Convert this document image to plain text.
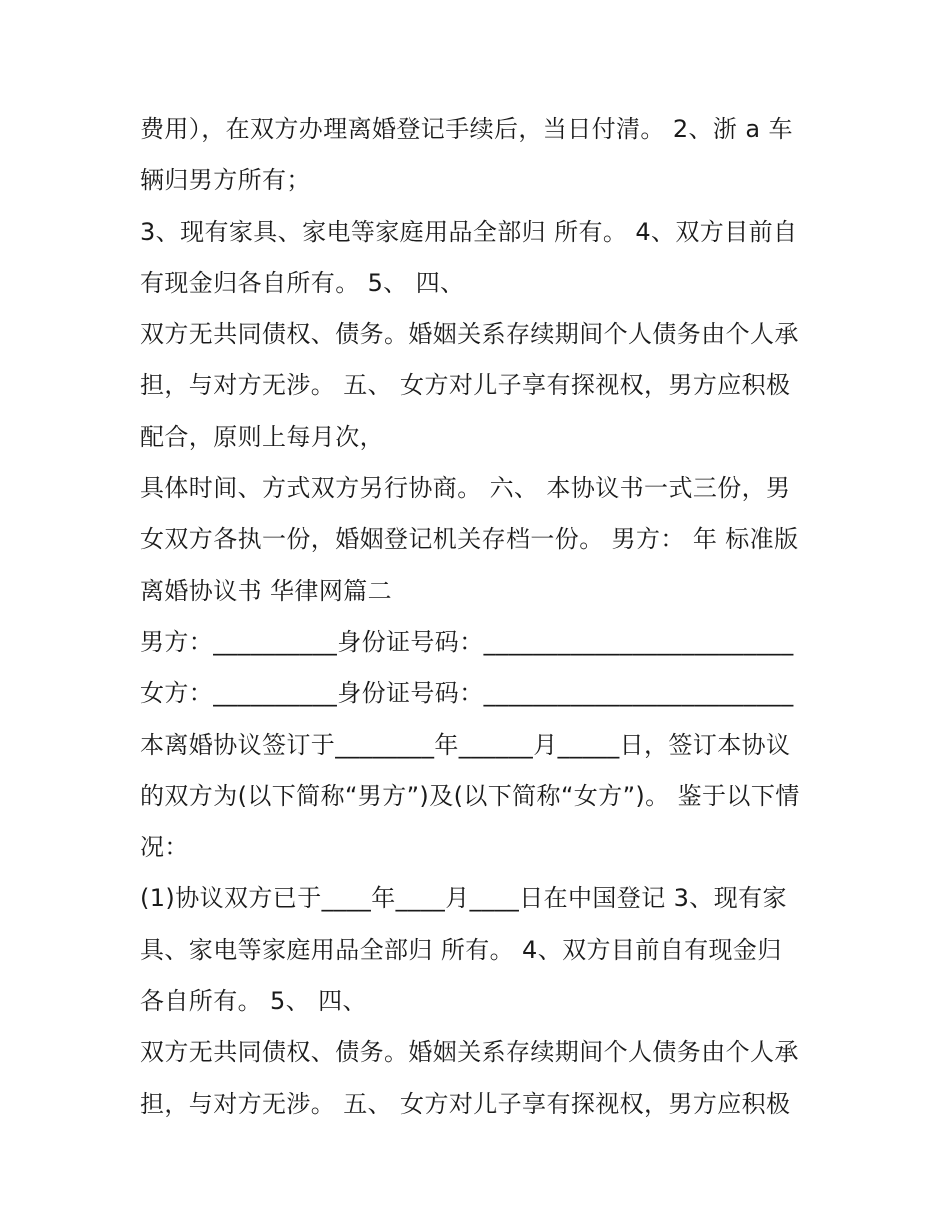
费用），在双方办理离婚登记手续后，当日付清。 2、浙 a 车
辆归男方所有；
3、现有家具、家电等家庭用品全部归 所有。 4、双方目前自
有现金归各自所有。 5、 四、
双方无共同债权、债务。婚姻关系存续期间个人债务由个人承
担，与对方无涉。 五、 女方对儿子享有探视权，男方应积极
配合，原则上每月次，
具体时间、方式双方另行协商。 六、 本协议书一式三份，男
女双方各执一份，婚姻登记机关存档一份。 男方： 年 标准版
离婚协议书 华律网篇二
男方：__________身份证号码：_________________________
女方：__________身份证号码：_________________________
本离婚协议签订于________年______月_____日，签订本协议
的双方为(以下简称“男方”)及(以下简称“女方”)。 鉴于以下情
况：
(1)协议双方已于____年____月____日在中国登记 3、现有家
具、家电等家庭用品全部归 所有。 4、双方目前自有现金归
各自所有。 5、 四、
双方无共同债权、债务。婚姻关系存续期间个人债务由个人承
担，与对方无涉。 五、 女方对儿子享有探视权，男方应积极
